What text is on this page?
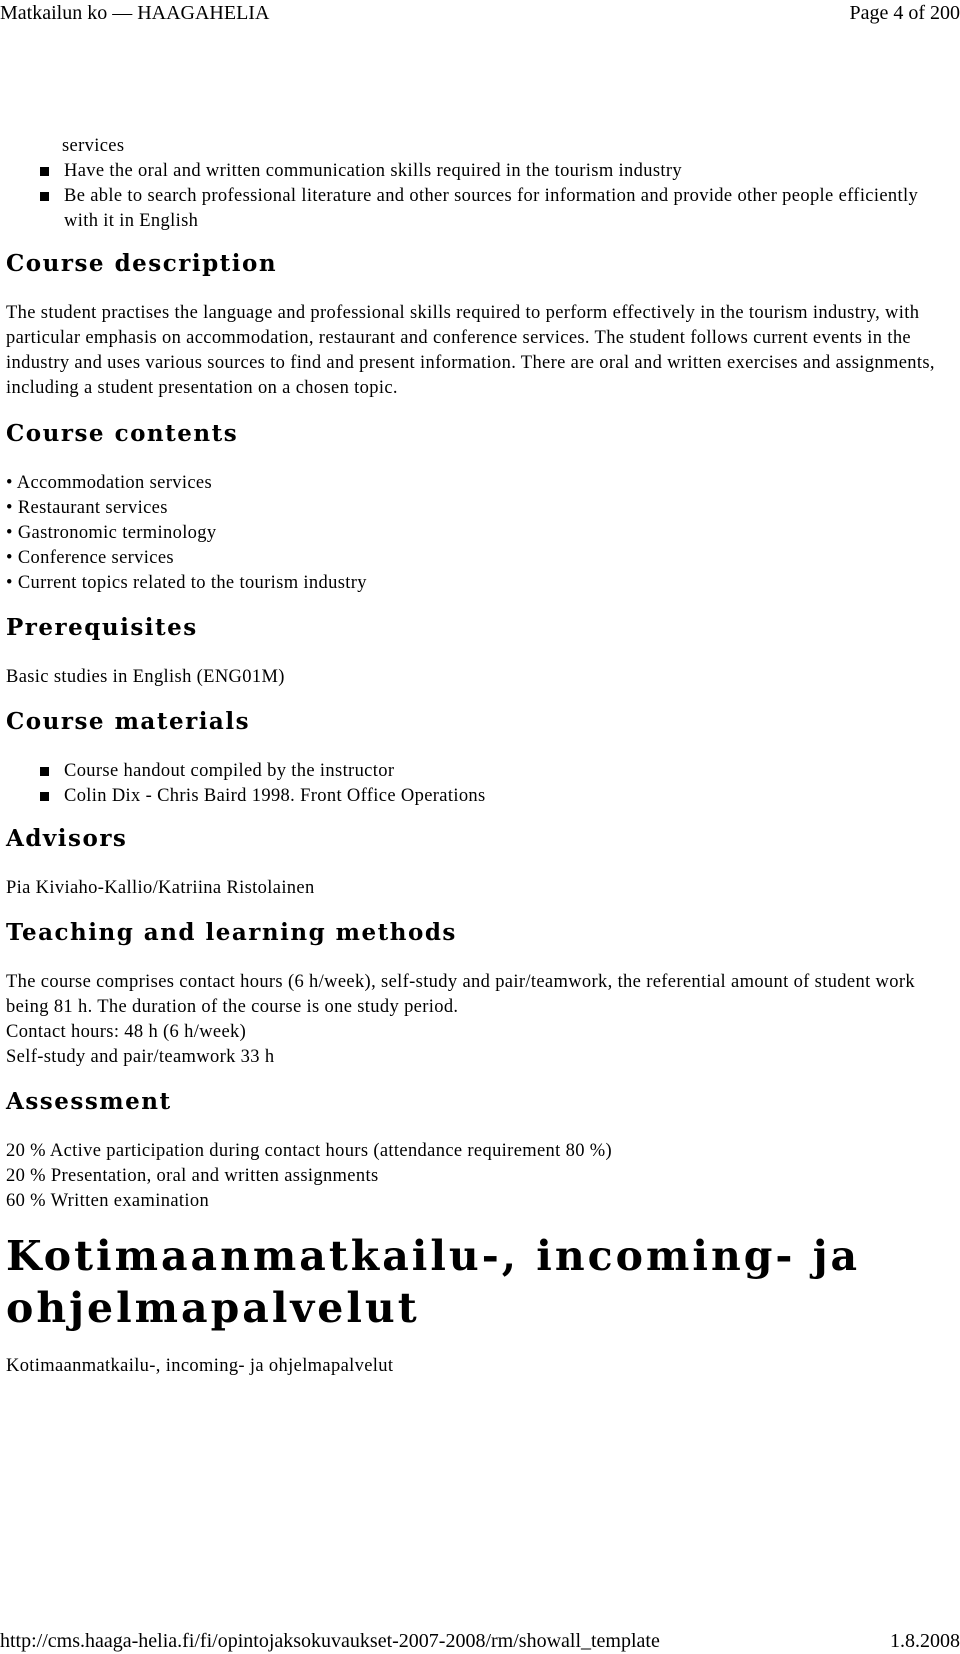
Matkailun ko — HAAGAHELIA	Page 4 of 200

services

Have the oral and written communication skills required in the tourism industry
Be able to search professional literature and other sources for information and provide other people efficiently with it in English
Course description

The student practises the language and professional skills required to perform effectively in the tourism industry, with particular emphasis on accommodation, restaurant and conference services. The student follows current events in the industry and uses various sources to find and present information. There are oral and written exercises and assignments, including a student presentation on a chosen topic.

Course contents
• Accommodation services
• Restaurant services
• Gastronomic terminology
• Conference services
• Current topics related to the tourism industry
Prerequisites

Basic studies in English (ENG01M)

Course materials
Course handout compiled by the instructor
Colin Dix - Chris Baird 1998. Front Office Operations
Advisors

Pia Kiviaho-Kallio/Katriina Ristolainen

Teaching and learning methods

The course comprises contact hours (6 h/week), self-study and pair/teamwork, the referential amount of student work being 81 h. The duration of the course is one study period.

Contact hours: 48 h (6 h/week)

Self-study and pair/teamwork 33 h

Assessment

20 % Active participation during contact hours (attendance requirement 80 %)

20 % Presentation, oral and written assignments

60 % Written examination

Kotimaanmatkailu-, incoming- ja ohjelmapalvelut

Kotimaanmatkailu-, incoming- ja ohjelmapalvelut

http://cms.haaga-helia.fi/fi/opintojaksokuvaukset-2007-2008/rm/showall_template	1.8.2008
